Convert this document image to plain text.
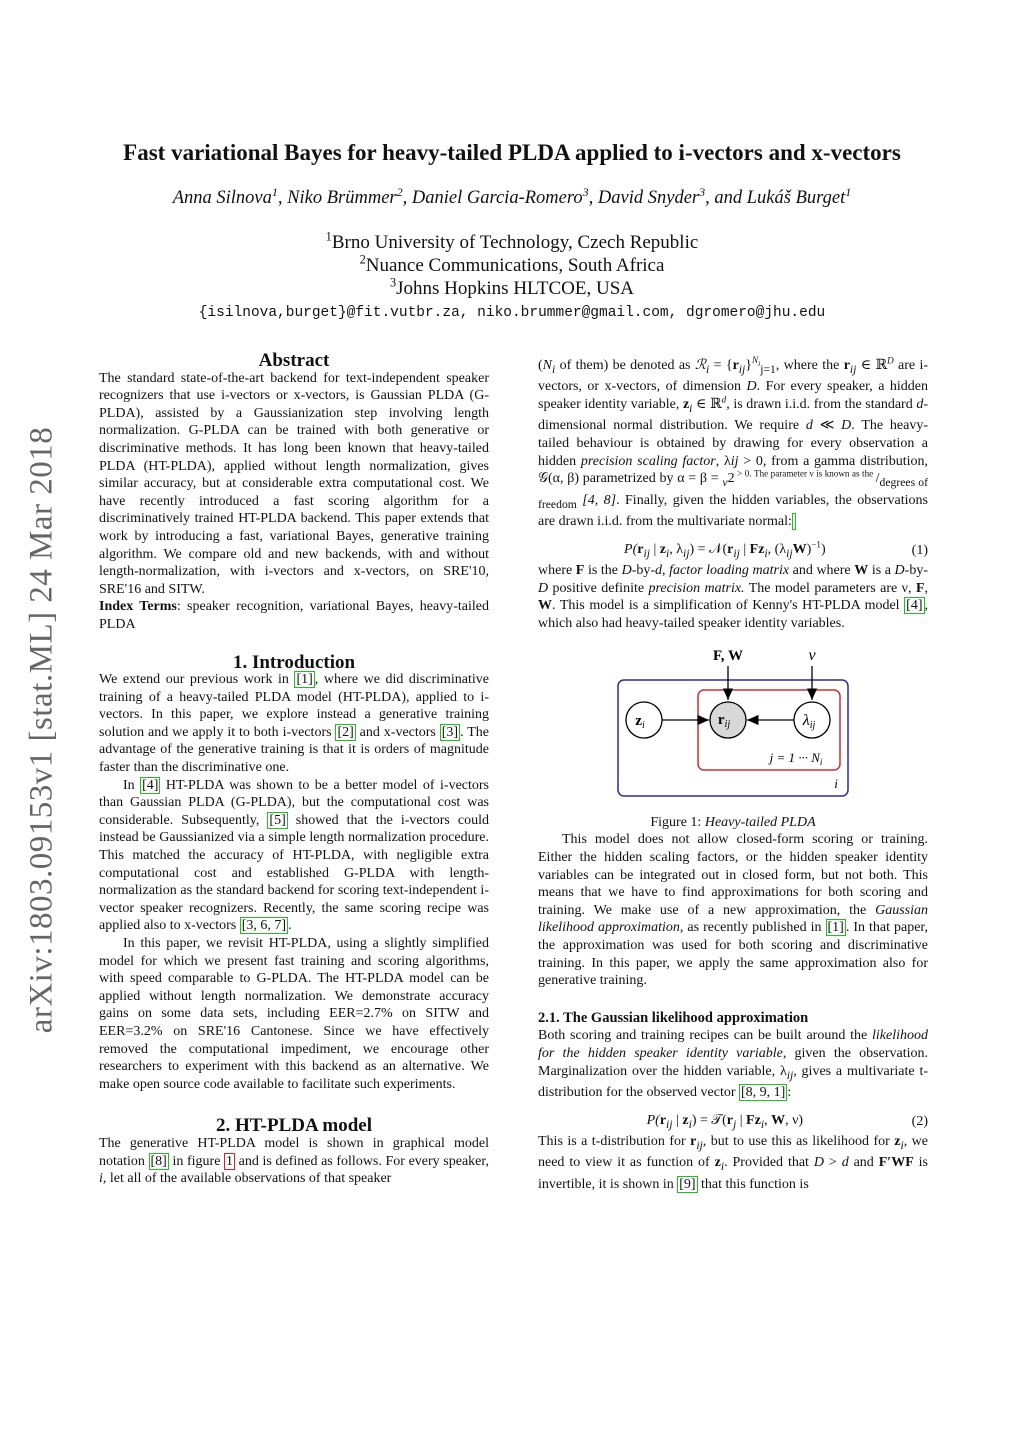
arXiv:1803.09153v1 [stat.ML] 24 Mar 2018
Fast variational Bayes for heavy-tailed PLDA applied to i-vectors and x-vectors
Anna Silnova$^1$, Niko Brümmer$^2$, Daniel Garcia-Romero$^3$, David Snyder$^3$, and Lukáš Burget$^1$
$^1$Brno University of Technology, Czech Republic
$^2$Nuance Communications, South Africa
$^3$Johns Hopkins HLTCOE, USA
{isilnova,burget}@fit.vutbr.za, niko.brummer@gmail.com, dgromero@jhu.edu
Abstract

The standard state-of-the-art backend for text-independent speaker recognizers that use i-vectors or x-vectors, is Gaussian PLDA (G-PLDA), assisted by a Gaussianization step involving length normalization. G-PLDA can be trained with both generative or discriminative methods. It has long been known that heavy-tailed PLDA (HT-PLDA), applied without length normalization, gives similar accuracy, but at considerable extra computational cost. We have recently introduced a fast scoring algorithm for a discriminatively trained HT-PLDA backend. This paper extends that work by introducing a fast, variational Bayes, generative training algorithm. We compare old and new backends, with and without length-normalization, with i-vectors and x-vectors, on SRE'10, SRE'16 and SITW.

Index Terms: speaker recognition, variational Bayes, heavy-tailed PLDA

1. Introduction

We extend our previous work in [1] , where we did discriminative training of a heavy-tailed PLDA model (HT-PLDA), applied to i-vectors. In this paper, we explore instead a generative training solution and we apply it to both i-vectors [2] and x-vectors [3] . The advantage of the generative training is that it is orders of magnitude faster than the discriminative one.

In [4] HT-PLDA was shown to be a better model of i-vectors than Gaussian PLDA (G-PLDA), but the computational cost was considerable. Subsequently, [5] showed that the i-vectors could instead be Gaussianized via a simple length normalization procedure. This matched the accuracy of HT-PLDA, with negligible extra computational cost and established G-PLDA with length-normalization as the standard backend for scoring text-independent i-vector speaker recognizers. Recently, the same scoring recipe was applied also to x-vectors [3, 6, 7] .

In this paper, we revisit HT-PLDA, using a slightly simplified model for which we present fast training and scoring algorithms, with speed comparable to G-PLDA. The HT-PLDA model can be applied without length normalization. We demonstrate accuracy gains on some data sets, including EER=2.7% on SITW and EER=3.2% on SRE'16 Cantonese. Since we have effectively removed the computational impediment, we encourage other researchers to experiment with this backend as an alternative. We make open source code available to facilitate such experiments.

2. HT-PLDA model

The generative HT-PLDA model is shown in graphical model notation [8] in figure 1 and is defined as follows. For every speaker, i, let all of the available observations of that speaker

($N_i$ of them) be denoted as ℛ$_i$ = $\{r_{ij}\}^{N_i}_{j=1}$, where the $r_{ij}$ ∈ ℝ$^D$ are i-vectors, or x-vectors, of dimension D. For every speaker, a hidden speaker identity variable, $z_i$ ∈ ℝ$^d$, is drawn i.i.d. from the standard d-dimensional normal distribution. We require d ≪ D. The heavy-tailed behaviour is obtained by drawing for every observation a hidden precision scaling factor, λij > 0, from a gamma distribution, 𝒢(α, β) parametrized by α = β = $_\nu$2 $^{> 0. The parameter \nu is known as the}$ $/_{degrees of freedom}$ [4, 8]. Finally, given the hidden variables, the observations are drawn i.i.d. from the multivariate normal:

$P(r_{ij}$ | $z_i$, $\lambda_{ij}$) = $𝒩(r_{ij}$ | $Fz_i$, $(\lambda_{ij}W)^{-1}$)	(1)

where F is the D-by-d, factor loading matrix and where W is a D-by-D positive definite precision matrix. The model parameters are ν, F, W. This model is a simplification of Kenny's HT-PLDA model [4] , which also had heavy-tailed speaker identity variables.

F, W	ν
$z_i$	$r_{ij}$	λij
j = 1 ··· $N_i$
i
Figure 1: Heavy-tailed PLDA

This model does not allow closed-form scoring or training. Either the hidden scaling factors, or the hidden speaker identity variables can be integrated out in closed form, but not both. This means that we have to find approximations for both scoring and training. We make use of a new approximation, the Gaussian likelihood approximation, as recently published in [1] . In that paper, the approximation was used for both scoring and discriminative training. In this paper, we apply the same approximation also for generative training.

2.1. The Gaussian likelihood approximation

Both scoring and training recipes can be built around the likelihood for the hidden speaker identity variable, given the observation. Marginalization over the hidden variable, $\lambda_{ij}$, gives a multivariate t-distribution for the observed vector [8, 9, 1] :

$P(r_{ij}$ | $z_i$) = $𝒯(r_j$ | $Fz_i$, W, ν)	(2)

This is a t-distribution for $r_{ij}$, but to use this as likelihood for $z_i$, we need to view it as function of $z_i$. Provided that D > d and F′WF is invertible, it is shown in [9] that this function is
